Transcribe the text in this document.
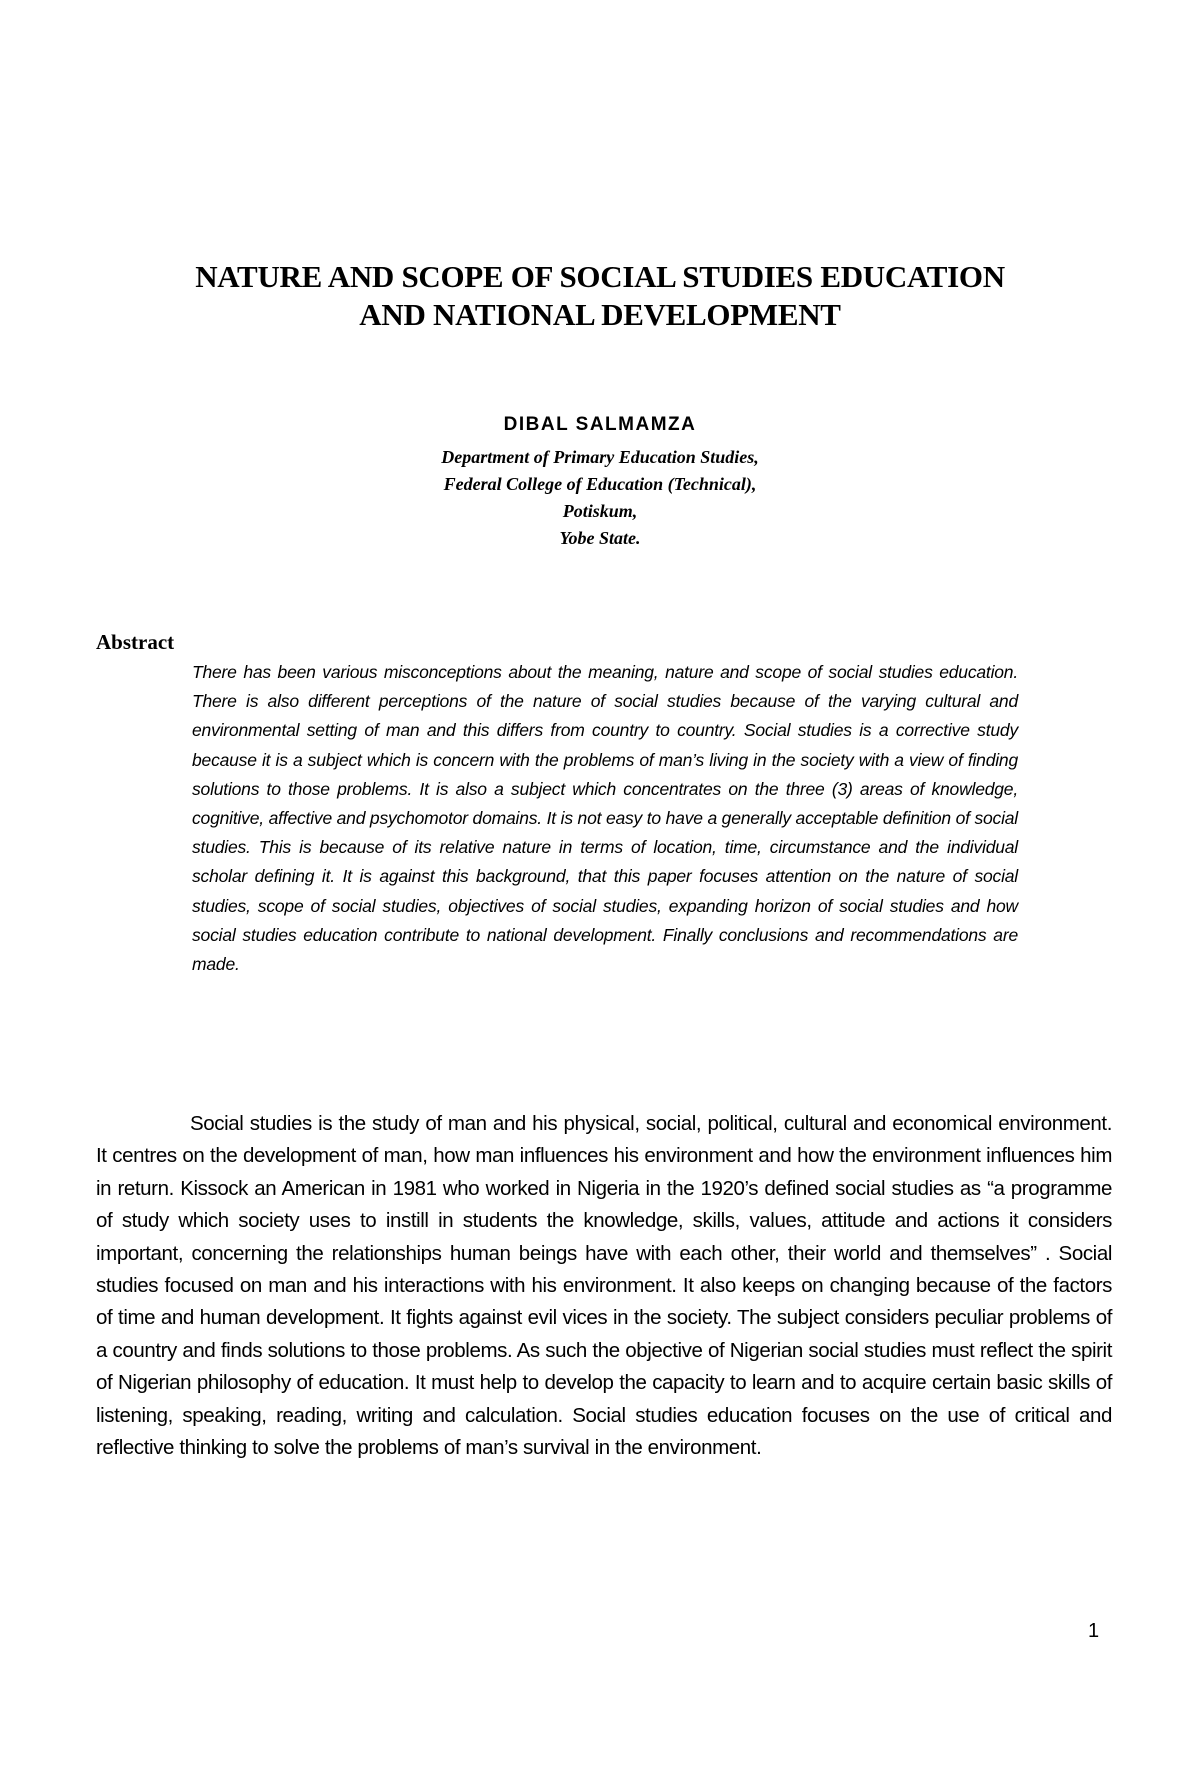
NATURE AND SCOPE OF SOCIAL STUDIES EDUCATION
AND NATIONAL DEVELOPMENT
DIBAL SALMAMZA
Department of Primary Education Studies,
Federal College of Education (Technical),
Potiskum,
Yobe State.
Abstract
There has been various misconceptions about the meaning, nature and scope of social studies education. There is also different perceptions of the nature of social studies because of the varying cultural and environmental setting of man and this differs from country to country. Social studies is a corrective study because it is a subject which is concern with the problems of man’s living in the society with a view of finding solutions to those problems. It is also a subject which concentrates on the three (3) areas of knowledge, cognitive, affective and psychomotor domains. It is not easy to have a generally acceptable definition of social studies. This is because of its relative nature in terms of location, time, circumstance and the individual scholar defining it. It is against this background, that this paper focuses attention on the nature of social studies, scope of social studies, objectives of social studies, expanding horizon of social studies and how social studies education contribute to national development. Finally conclusions and recommendations are made.
Social studies is the study of man and his physical, social, political, cultural and economical environment. It centres on the development of man, how man influences his environment and how the environment influences him in return. Kissock an American in 1981 who worked in Nigeria in the 1920’s defined social studies as “a programme of study which society uses to instill in students the knowledge, skills, values, attitude and actions it considers important, concerning the relationships human beings have with each other, their world and themselves” . Social studies focused on man and his interactions with his environment. It also keeps on changing because of the factors of time and human development. It fights against evil vices in the society. The subject considers peculiar problems of a country and finds solutions to those problems. As such the objective of Nigerian social studies must reflect the spirit of Nigerian philosophy of education. It must help to develop the capacity to learn and to acquire certain basic skills of listening, speaking, reading, writing and calculation. Social studies education focuses on the use of critical and reflective thinking to solve the problems of man’s survival in the environment.
1
